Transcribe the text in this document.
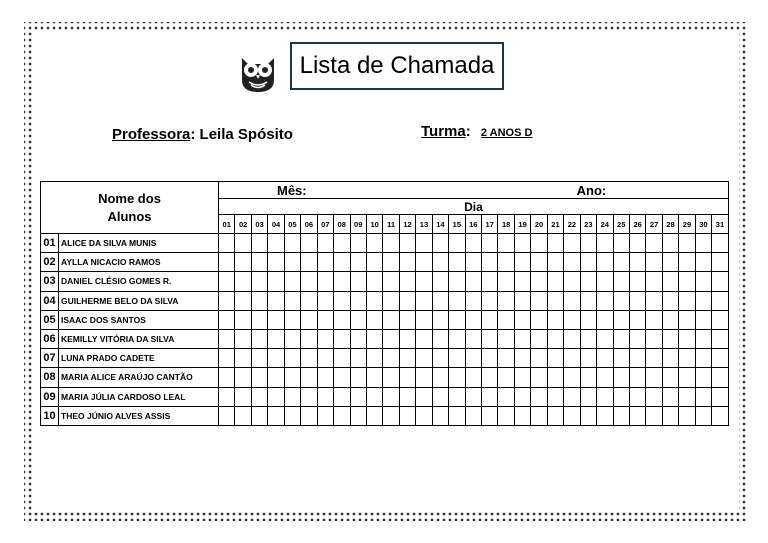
Lista de Chamada
Professora: Leila Spósito	Turma: 2 ANOS D
Nome dos
Alunos		Mês: Ano:																														
		Dia																														
		01	02	03	04	05	06	07	08	09	10	11	12	13	14	15	16	17	18	19	20	21	22	23	24	25	26	27	28	29	30	31
01	ALICE DA SILVA MUNIS																															
02	AYLLA NICACIO RAMOS																															
03	DANIEL CLÉSIO GOMES R.																															
04	GUILHERME BELO DA SILVA																															
05	ISAAC DOS SANTOS																															
06	KEMILLY VITÓRIA DA SILVA																															
07	LUNA PRADO CADETE																															
08	MARIA ALICE ARAÚJO CANTÃO																															
09	MARIA JÚLIA CARDOSO LEAL																															
10	THEO JÚNIO ALVES ASSIS																															
